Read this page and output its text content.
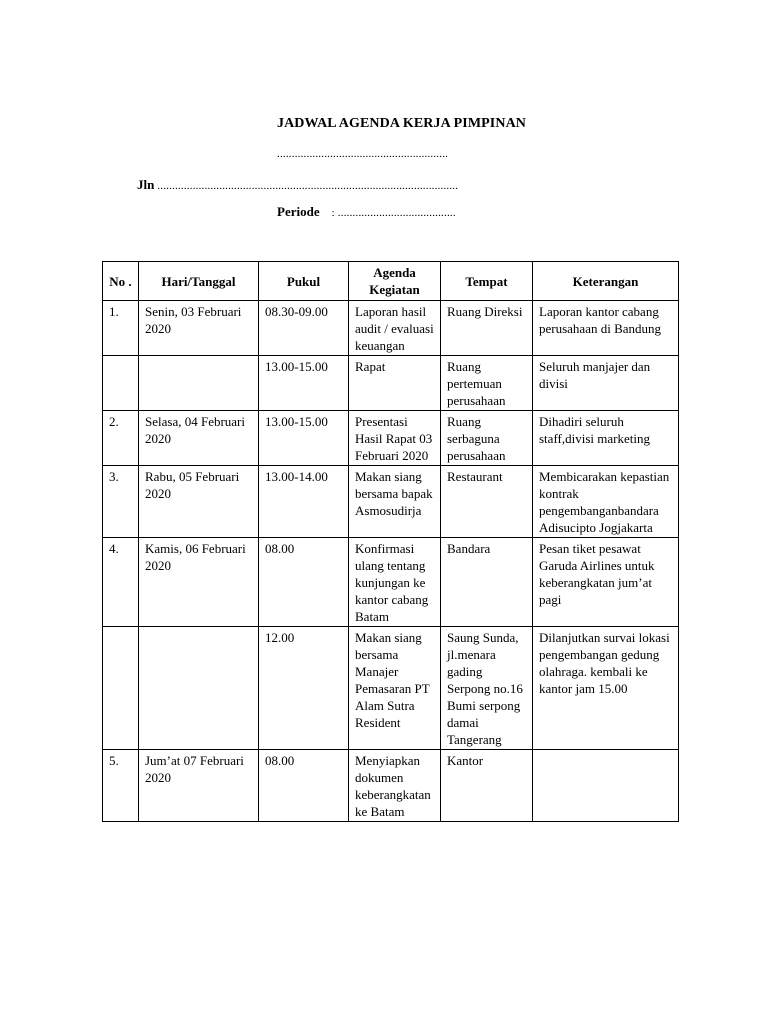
JADWAL AGENDA KERJA PIMPINAN
..........................................................
Jln ......................................................................................................
Periode : ........................................
No .	Hari/Tanggal	Pukul	Agenda Kegiatan	Tempat	Keterangan
1.	Senin, 03 Februari 2020	08.30-09.00	Laporan hasil audit / evaluasi keuangan	Ruang Direksi	Laporan kantor cabang perusahaan di Bandung
		13.00-15.00	Rapat	Ruang pertemuan perusahaan	Seluruh manjajer dan divisi
2.	Selasa, 04 Februari 2020	13.00-15.00	Presentasi Hasil Rapat 03 Februari 2020	Ruang serbaguna perusahaan	Dihadiri seluruh staff,divisi marketing
3.	Rabu, 05 Februari 2020	13.00-14.00	Makan siang bersama bapak Asmosudirja	Restaurant	Membicarakan kepastian kontrak pengembanganbandara Adisucipto Jogjakarta
4.	Kamis, 06 Februari 2020	08.00	Konfirmasi ulang tentang kunjungan ke kantor cabang Batam	Bandara	Pesan tiket pesawat Garuda Airlines untuk keberangkatan jum’at pagi
		12.00	Makan siang bersama Manajer Pemasaran PT Alam Sutra Resident	Saung Sunda, jl.menara gading Serpong no.16 Bumi serpong damai Tangerang	Dilanjutkan survai lokasi pengembangan gedung olahraga. kembali ke kantor jam 15.00
5.	Jum’at 07 Februari 2020	08.00	Menyiapkan dokumen keberangkatan ke Batam	Kantor	
